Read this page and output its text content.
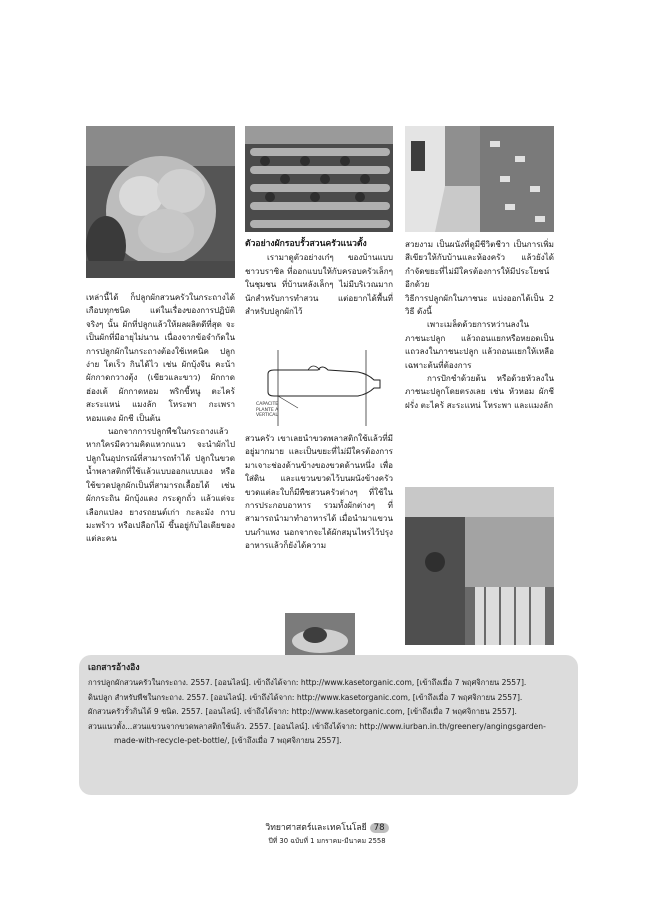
เหล่านี้ได้ ก็ปลูกผักสวนครัวในกระถางได้ เกือบทุกชนิด แต่ในเรื่องของการปฏิบัติจริงๆ นั้น ผักที่ปลูกแล้วให้ผลผลิตดีที่สุด จะเป็นผักที่มีอายุไม่นาน เนื่องจากข้อจำกัดในการปลูกผักในกระถางต้องใช้เทคนิค ปลูกง่าย โตเร็ว กินได้ไว เช่น ผักบุ้งจีน คะน้า ผักกาดกวางตุ้ง (เขียวและขาว) ผักกาดฮ่องเต้ ผักกาดหอม พริกขี้หนู ตะไคร้ สะระแหน่ แมงลัก โหระพา กะเพรา หอมแดง ผักชี เป็นต้น

นอกจากการปลูกพืชในกระถางแล้ว หากใครมีความคิดแหวกแนว จะนำผักไปปลูกในอุปกรณ์ที่สามารถทำได้ ปลูกในขวดน้ำพลาสติกที่ใช้แล้วแบบออกแบบเอง หรือใช้ขวดปลูกผักเป็นที่สามารถเลื้อยได้ เช่น ผักกระถิน ผักบุ้งแดง กระดูกถั่ว แล้วแต่จะเลือกแปลง ยางรถยนต์เก่า กะละมัง กาบมะพร้าว หรือเปลือกไม้ ขึ้นอยู่กับไอเดียของแต่ละคน

ตัวอย่างผักรอบรั้วสวนครัวแนวตั้ง

เรามาดูตัวอย่างเก๋ๆ ของบ้านแบบชาวบราซิล ที่ออกแบบให้กับครอบครัวเล็กๆ ในชุมชน ที่บ้านหลังเล็กๆ ไม่มีบริเวณมากนักสำหรับการทำสวน แต่อยากได้พื้นที่สำหรับปลูกผักไว้

CAPACITE
PLANTE A
VERTICAL

สวนครัว เขาเลยนำขวดพลาสติกใช้แล้วที่มีอยู่มากมาย และเป็นขยะที่ไม่มีใครต้องการ มาเจาะช่องด้านข้างของขวดด้านหนึ่ง เพื่อใส่ดิน และแขวนขวดไว้บนผนังข้างครัว ขวดแต่ละใบก็มีพืชสวนครัวต่างๆ ที่ใช้ในการประกอบอาหาร รวมทั้งผักต่างๆ ที่สามารถนำมาทำอาหารได้ เมื่อนำมาแขวนบนกำแพง นอกจากจะได้ผักสมุนไพรไว้ปรุงอาหารแล้วก็ยังได้ความ

สวยงาม เป็นผนังที่ดูมีชีวิตชีวา เป็นการเพิ่มสีเขียวให้กับบ้านและห้องครัว แล้วยังได้กำจัดขยะที่ไม่มีใครต้องการให้มีประโยชน์อีกด้วย

วิธีการปลูกผักในภาชนะ แบ่งออกได้เป็น 2 วิธี ดังนี้

เพาะเมล็ดด้วยการหว่านลงในภาชนะปลูก แล้วถอนแยกหรือหยอดเป็นแถวลงในภาชนะปลูก แล้วถอนแยกให้เหลือเฉพาะต้นที่ต้องการ

การปักชำด้วยต้น หรือด้วยหัวลงในภาชนะปลูกโดยตรงเลย เช่น หัวหอม ผักชีฝรั่ง ตะไคร้ สะระแหน่ โหระพา และแมงลัก

เอกสารอ้างอิง
การปลูกผักสวนครัวในกระถาง. 2557. [ออนไลน์]. เข้าถึงได้จาก: http://www.kasetorganic.com, [เข้าถึงเมื่อ 7 พฤศจิกายน 2557].
ดินปลูก สำหรับพืชในกระถาง. 2557. [ออนไลน์]. เข้าถึงได้จาก: http://www.kasetorganic.com, [เข้าถึงเมื่อ 7 พฤศจิกายน 2557].
ผักสวนครัวรั้วกินได้ 9 ชนิด. 2557. [ออนไลน์]. เข้าถึงได้จาก: http://www.kasetorganic.com, [เข้าถึงเมื่อ 7 พฤศจิกายน 2557].
สวนแนวตั้ง...สวนแขวนจากขวดพลาสติกใช้แล้ว. 2557. [ออนไลน์]. เข้าถึงได้จาก: http://www.iurban.in.th/greenery/angingsgarden-made-with-recycle-pet-bottle/, [เข้าถึงเมื่อ 7 พฤศจิกายน 2557].
วิทยาศาสตร์และเทคโนโลยี 78
ปีที่ 30 ฉบับที่ 1 มกราคม-มีนาคม 2558
